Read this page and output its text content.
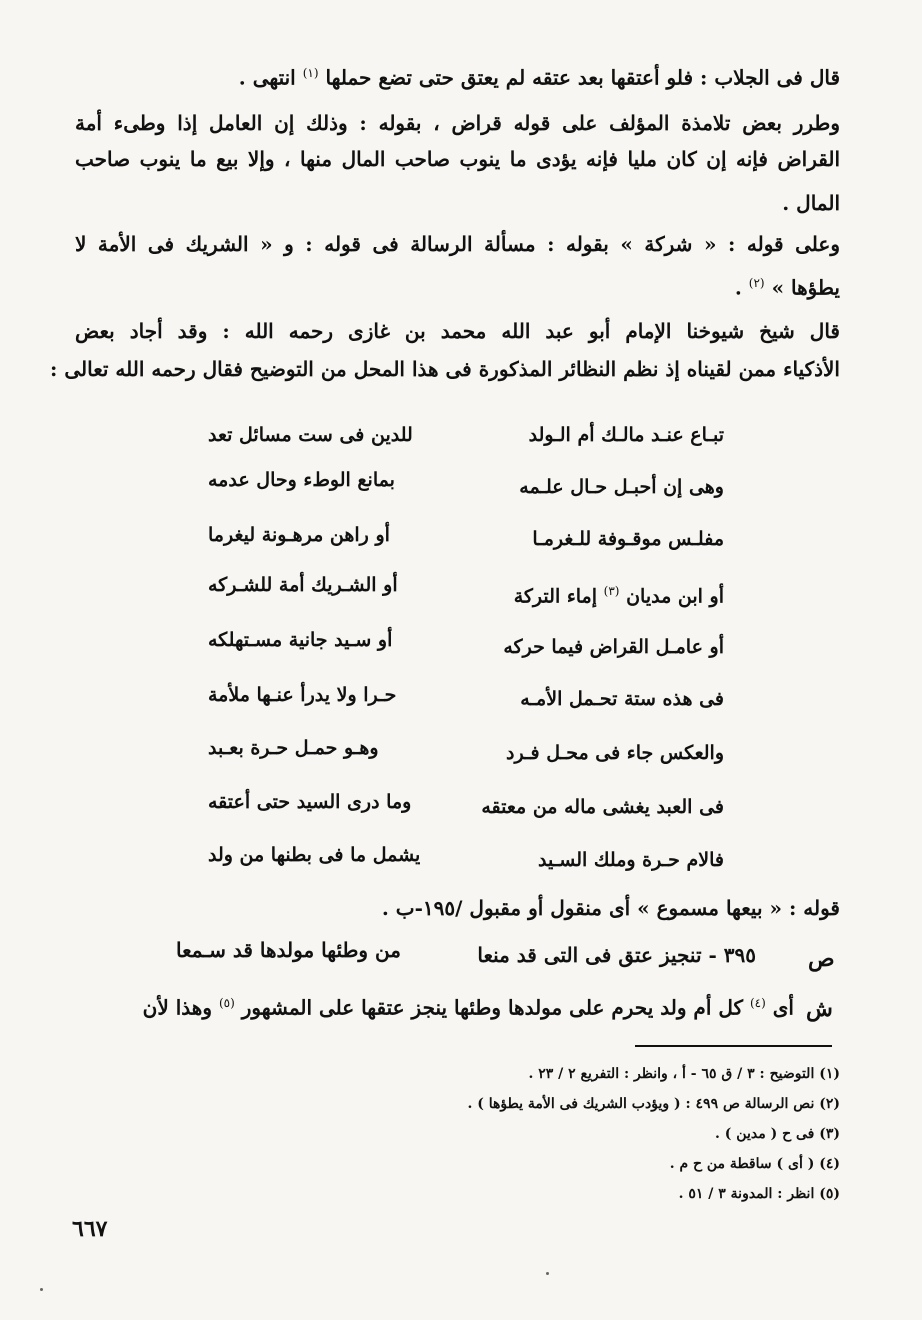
قال فى الجلاب : فلو أعتقها بعد عتقه لم يعتق حتى تضع حملها $^{(١)}$ انتهى .
وطرر بعض تلامذة المؤلف على قوله قراض ، بقوله : وذلك إن العامل إذا وطىء أمة
القراض فإنه إن كان مليا فإنه يؤدى ما ينوب صاحب المال منها ، وإلا بيع ما ينوب صاحب
المال .
وعلى قوله : « شركة » بقوله : مسألة الرسالة فى قوله : و « الشريك فى الأمة لا
يطؤها » $^{(٢)}$ .
قال شيخ شيوخنا الإمام أبو عبد الله محمد بن غازى رحمه الله : وقد أجاد بعض
الأذكياء ممن لقيناه إذ نظم النظائر المذكورة فى هذا المحل من التوضيح فقال رحمه الله تعالى :
تبـاع عنـد مالـك أم الـولد
للدين فى ست مسائل تعد
وهى إن أحبـل حـال علـمه
بمانع الوطء وحال عدمه
مفلـس موقـوفة للـغرمـا
أو راهن مرهـونة ليغرما
أو ابن مديان $^{(٣)}$ إماء التركة
أو الشـريك أمة للشـركه
أو عامـل القراض فيما حركه
أو سـيد جانية مسـتهلكه
فى هذه ستة تحـمل الأمـه
حـرا ولا يدرأ عنـها ملأمة
والعكس جاء فى محـل فـرد
وهـو حمـل حـرة بعـبد
فى العبد يغشى ماله من معتقه
وما درى السيد حتى أعتقه
فالام حـرة وملك السـيد
يشمل ما فى بطنها من ولد
قوله : « بيعها مسموع » أى منقول أو مقبول /١٩٥-ب .
ص
٣٩٥ - تنجيز عتق فى التى قد منعا
من وطئها مولدها قد سـمعا
ش
أى $^{(٤)}$ كل أم ولد يحرم على مولدها وطئها ينجز عتقها على المشهور $^{(٥)}$ وهذا لأن
(١) التوضيح : ٣ / ق ٦٥ - أ ، وانظر : التفريع ٢ / ٢٣ .
(٢) نص الرسالة ص ٤٩٩ : ( ويؤدب الشريك فى الأمة يطؤها ) .
(٣) فى ح ( مدين ) .
(٤) ( أى ) ساقطة من ح م .
(٥) انظر : المدونة ٣ / ٥١ .
٦٦٧
